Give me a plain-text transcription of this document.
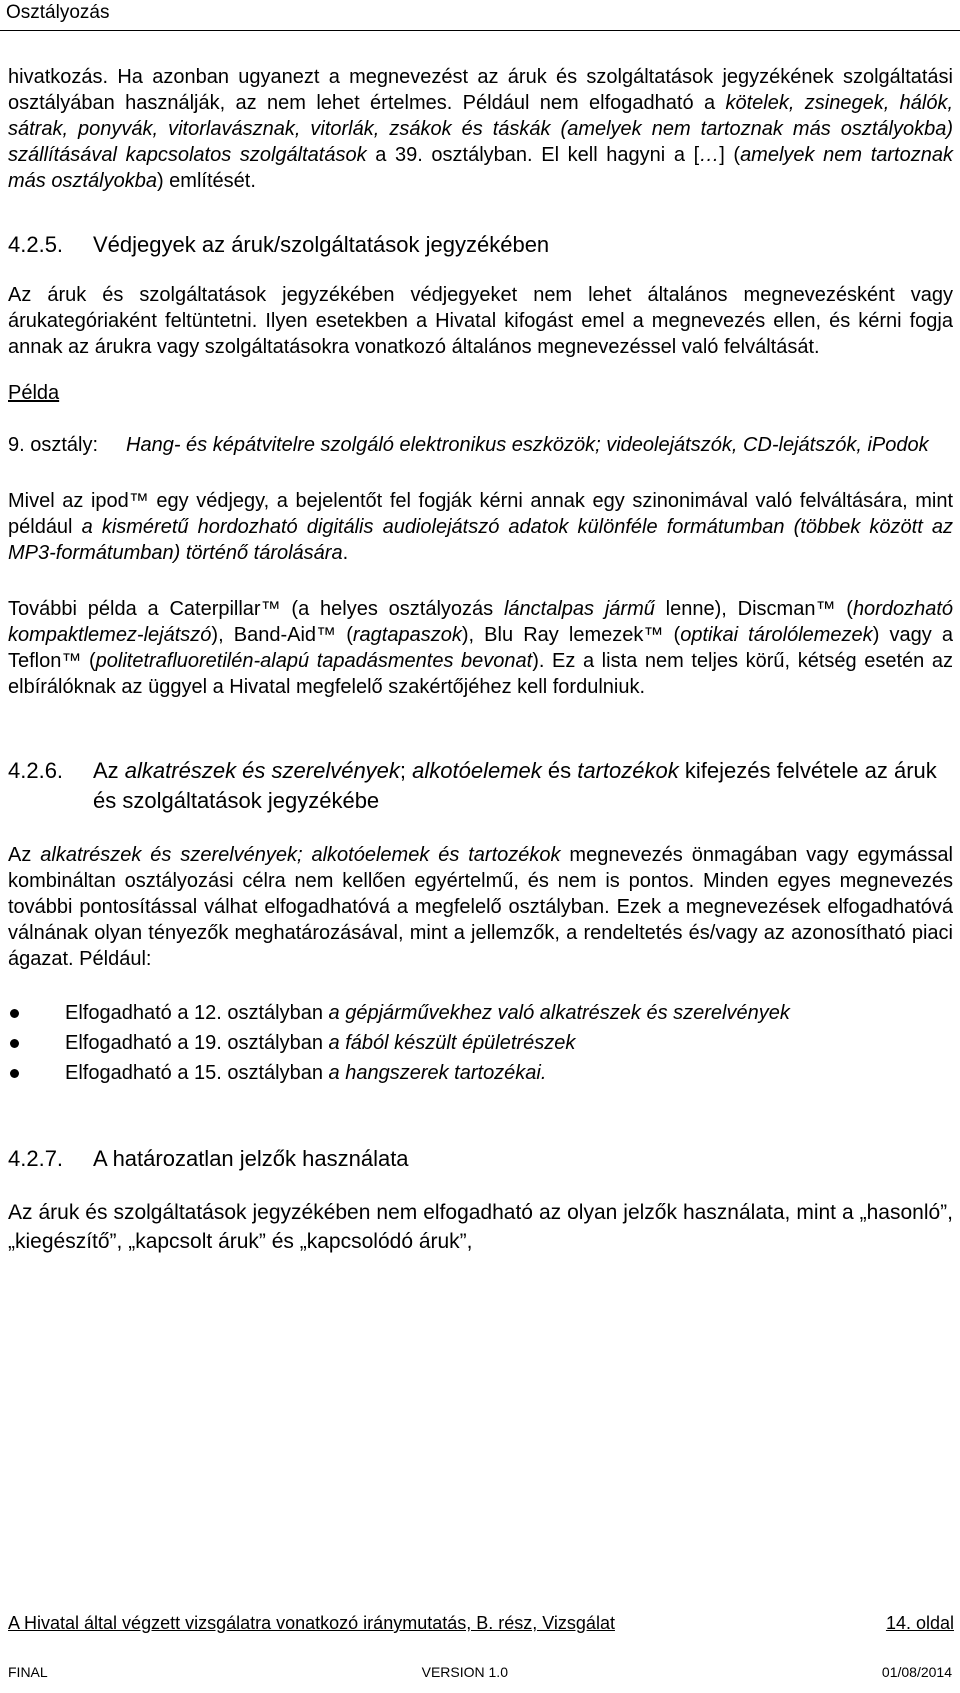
Osztályozás

hivatkozás. Ha azonban ugyanezt a megnevezést az áruk és szolgáltatások jegyzékének szolgáltatási osztályában használják, az nem lehet értelmes. Például nem elfogadható a kötelek, zsinegek, hálók, sátrak, ponyvák, vitorlavásznak, vitorlák, zsákok és táskák (amelyek nem tartoznak más osztályokba) szállításával kapcsolatos szolgáltatások a 39. osztályban. El kell hagyni a […] (amelyek nem tartoznak más osztályokba) említését.

4.2.5.	Védjegyek az áruk/szolgáltatások jegyzékében

Az áruk és szolgáltatások jegyzékében védjegyeket nem lehet általános megnevezésként vagy árukategóriaként feltüntetni. Ilyen esetekben a Hivatal kifogást emel a megnevezés ellen, és kérni fogja annak az árukra vagy szolgáltatásokra vonatkozó általános megnevezéssel való felváltását.

Példa

9. osztály:	Hang- és képátvitelre szolgáló elektronikus eszközök; videolejátszók, CD-lejátszók, iPodok

Mivel az ipod™ egy védjegy, a bejelentőt fel fogják kérni annak egy szinonimával való felváltására, mint például a kisméretű hordozható digitális audiolejátszó adatok különféle formátumban (többek között az MP3-formátumban) történő tárolására.

További példa a Caterpillar™ (a helyes osztályozás lánctalpas jármű lenne), Discman™ (hordozható kompaktlemez-lejátszó), Band-Aid™ (ragtapaszok), Blu Ray lemezek™ (optikai tárolólemezek) vagy a Teflon™ (politetrafluoretilén-alapú tapadásmentes bevonat). Ez a lista nem teljes körű, kétség esetén az elbírálóknak az üggyel a Hivatal megfelelő szakértőjéhez kell fordulniuk.

4.2.6.	Az alkatrészek és szerelvények; alkotóelemek és tartozékok kifejezés felvétele az áruk és szolgáltatások jegyzékébe

Az alkatrészek és szerelvények; alkotóelemek és tartozékok megnevezés önmagában vagy egymással kombináltan osztályozási célra nem kellően egyértelmű, és nem is pontos. Minden egyes megnevezés további pontosítással válhat elfogadhatóvá a megfelelő osztályban. Ezek a megnevezések elfogadhatóvá válnának olyan tényezők meghatározásával, mint a jellemzők, a rendeltetés és/vagy az azonosítható piaci ágazat. Például:

Elfogadható a 12. osztályban a gépjárművekhez való alkatrészek és szerelvények
Elfogadható a 19. osztályban a fából készült épületrészek
Elfogadható a 15. osztályban a hangszerek tartozékai.
4.2.7.	A határozatlan jelzők használata

Az áruk és szolgáltatások jegyzékében nem elfogadható az olyan jelzők használata, mint a „hasonló”, „kiegészítő”, „kapcsolt áruk” és „kapcsolódó áruk”,

A Hivatal által végzett vizsgálatra vonatkozó iránymutatás, B. rész, Vizsgálat	14. oldal
FINAL	VERSION 1.0	01/08/2014
